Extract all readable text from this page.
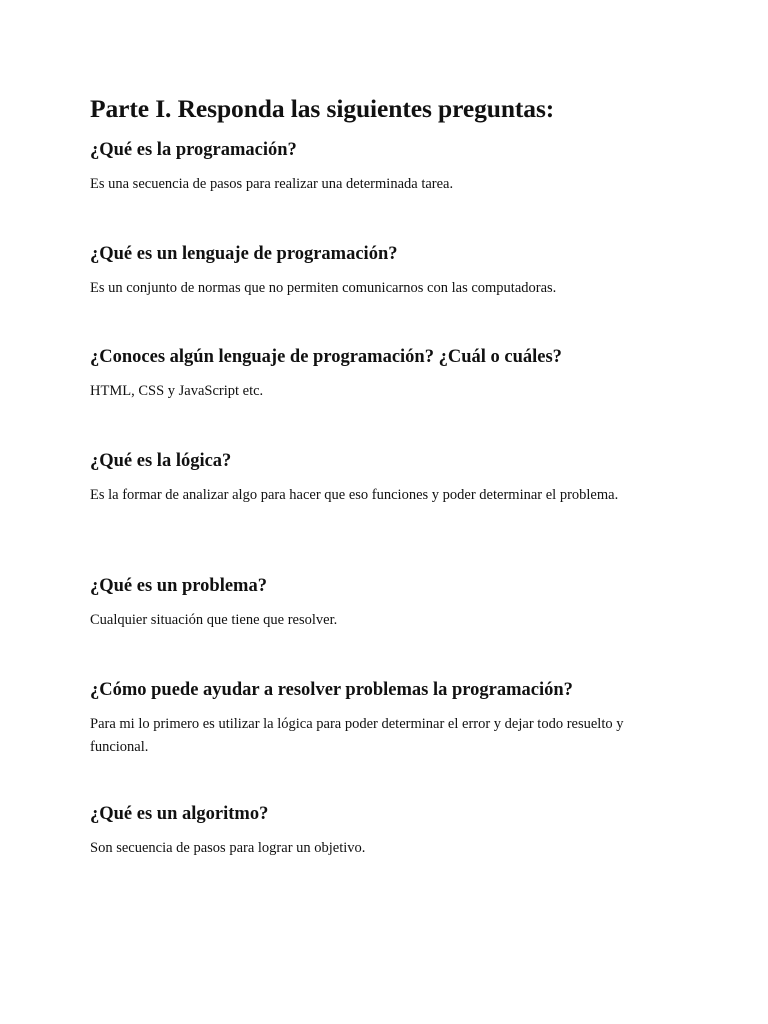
Parte I. Responda las siguientes preguntas:
¿Qué es la programación?

Es una secuencia de pasos para realizar una determinada tarea.

¿Qué es un lenguaje de programación?

Es un conjunto de normas que no permiten comunicarnos con las computadoras.

¿Conoces algún lenguaje de programación? ¿Cuál o cuáles?

HTML, CSS y JavaScript etc.

¿Qué es la lógica?

Es la formar de analizar algo para hacer que eso funciones y poder determinar el problema.

¿Qué es un problema?

Cualquier situación que tiene que resolver.

¿Cómo puede ayudar a resolver problemas la programación?

Para mi lo primero es utilizar la lógica para poder determinar el error y dejar todo resuelto y funcional.

¿Qué es un algoritmo?

Son secuencia de pasos para lograr un objetivo.
